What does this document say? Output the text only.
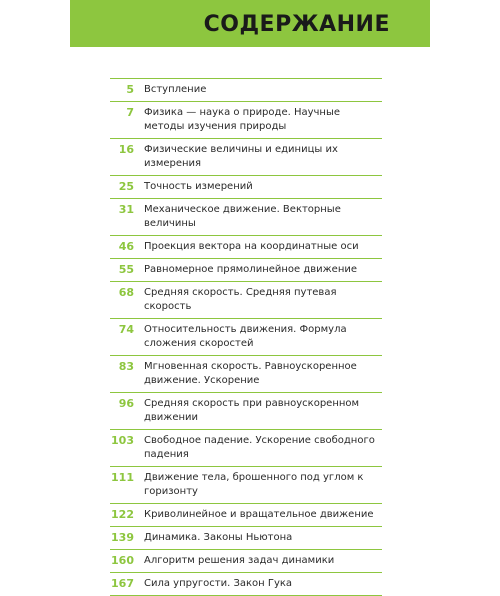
СОДЕРЖАНИЕ
5 Вступление
7 Физика — наука о природе. Научные методы изучения природы
16 Физические величины и единицы их измерения
25 Точность измерений
31 Механическое движение. Векторные величины
46 Проекция вектора на координатные оси
55 Равномерное прямолинейное движение
68 Средняя скорость. Средняя путевая скорость
74 Относительность движения. Формула сложения скоростей
83 Мгновенная скорость. Равноускоренное движение. Ускорение
96 Средняя скорость при равноускоренном движении
103 Свободное падение. Ускорение свободного падения
111 Движение тела, брошенного под углом к горизонту
122 Криволинейное и вращательное движение
139 Динамика. Законы Ньютона
160 Алгоритм решения задач динамики
167 Сила упругости. Закон Гука
